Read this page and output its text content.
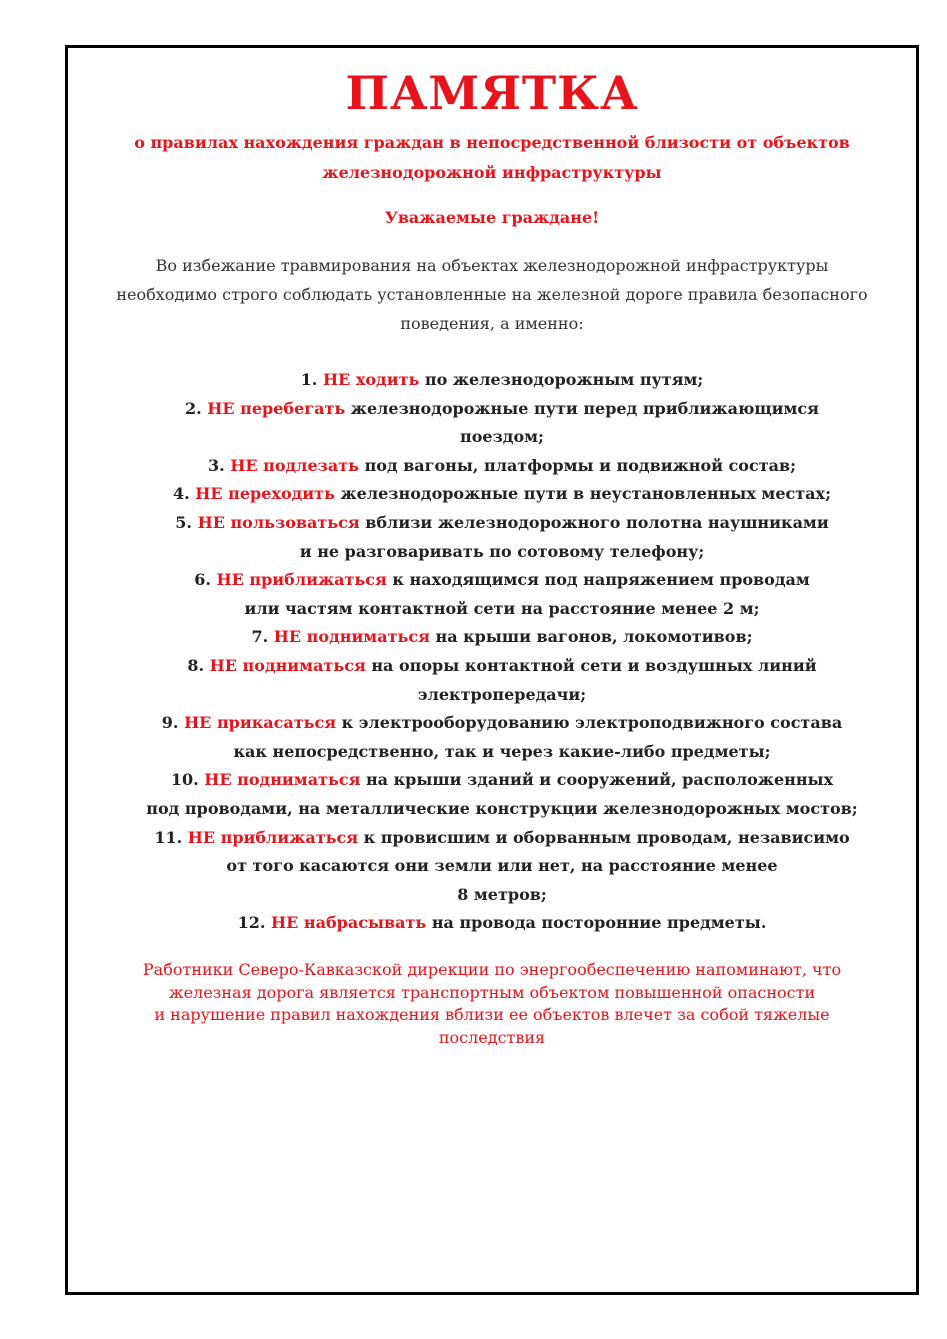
ПАМЯТКА
о правилах нахождения граждан в непосредственной близости от объектов
железнодорожной инфраструктуры
Уважаемые граждане!
Во избежание травмирования на объектах железнодорожной инфраструктуры
необходимо строго соблюдать установленные на железной дороге правила безопасного
поведения, а именно:
1. НЕ ходить по железнодорожным путям;
2. НЕ перебегать железнодорожные пути перед приближающимся
поездом;
3. НЕ подлезать под вагоны, платформы и подвижной состав;
4. НЕ переходить железнодорожные пути в неустановленных местах;
5. НЕ пользоваться вблизи железнодорожного полотна наушниками
и не разговаривать по сотовому телефону;
6. НЕ приближаться к находящимся под напряжением проводам
или частям контактной сети на расстояние менее 2 м;
7. НЕ подниматься на крыши вагонов, локомотивов;
8. НЕ подниматься на опоры контактной сети и воздушных линий
электропередачи;
9. НЕ прикасаться к электрооборудованию электроподвижного состава
как непосредственно, так и через какие-либо предметы;
10. НЕ подниматься на крыши зданий и сооружений, расположенных
под проводами, на металлические конструкции железнодорожных мостов;
11. НЕ приближаться к провисшим и оборванным проводам, независимо
от того касаются они земли или нет, на расстояние менее
8 метров;
12. НЕ набрасывать на провода посторонние предметы.
Работники Северо-Кавказской дирекции по энергообеспечению напоминают, что
железная дорога является транспортным объектом повышенной опасности
и нарушение правил нахождения вблизи ее объектов влечет за собой тяжелые
последствия
